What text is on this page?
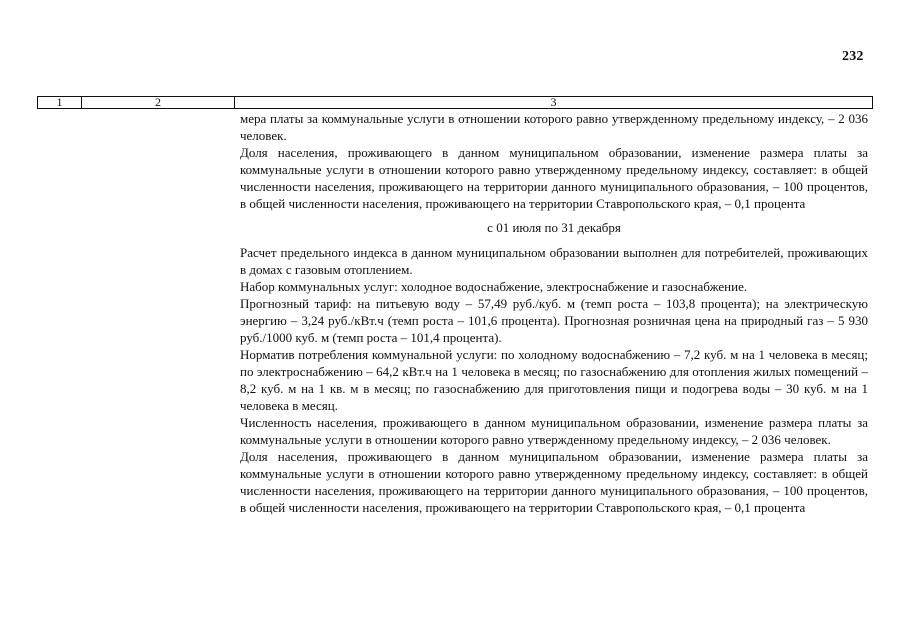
232
1	2	3

мера платы за коммунальные услуги в отношении которого равно утвержденному предельному индексу, – 2 036 человек.

Доля населения, проживающего в данном муниципальном образовании, изменение размера платы за коммунальные услуги в отношении которого равно утвержденному предельному индексу, составляет: в общей численности населения, проживающего на территории данного муниципального образования, – 100 процентов, в общей численности населения, проживающего на территории Ставропольского края, – 0,1 процента

с 01 июля по 31 декабря

Расчет предельного индекса в данном муниципальном образовании выполнен для потребителей, проживающих в домах с газовым отоплением.

Набор коммунальных услуг: холодное водоснабжение, электроснабжение и газоснабжение.

Прогнозный тариф: на питьевую воду – 57,49 руб./куб. м (темп роста – 103,8 процента); на электрическую энергию – 3,24 руб./кВт.ч (темп роста – 101,6 процента). Прогнозная розничная цена на природный газ – 5 930 руб./1000 куб. м (темп роста – 101,4 процента).

Норматив потребления коммунальной услуги: по холодному водоснабжению – 7,2 куб. м на 1 человека в месяц; по электроснабжению – 64,2 кВт.ч на 1 человека в месяц; по газоснабжению для отопления жилых помещений – 8,2 куб. м на 1 кв. м в месяц; по газоснабжению для приготовления пищи и подогрева воды – 30 куб. м на 1 человека в месяц.

Численность населения, проживающего в данном муниципальном образовании, изменение размера платы за коммунальные услуги в отношении которого равно утвержденному предельному индексу, – 2 036 человек.

Доля населения, проживающего в данном муниципальном образовании, изменение размера платы за коммунальные услуги в отношении которого равно утвержденному предельному индексу, составляет: в общей численности населения, проживающего на территории данного муниципального образования, – 100 процентов, в общей численности населения, проживающего на территории Ставропольского края, – 0,1 процента
